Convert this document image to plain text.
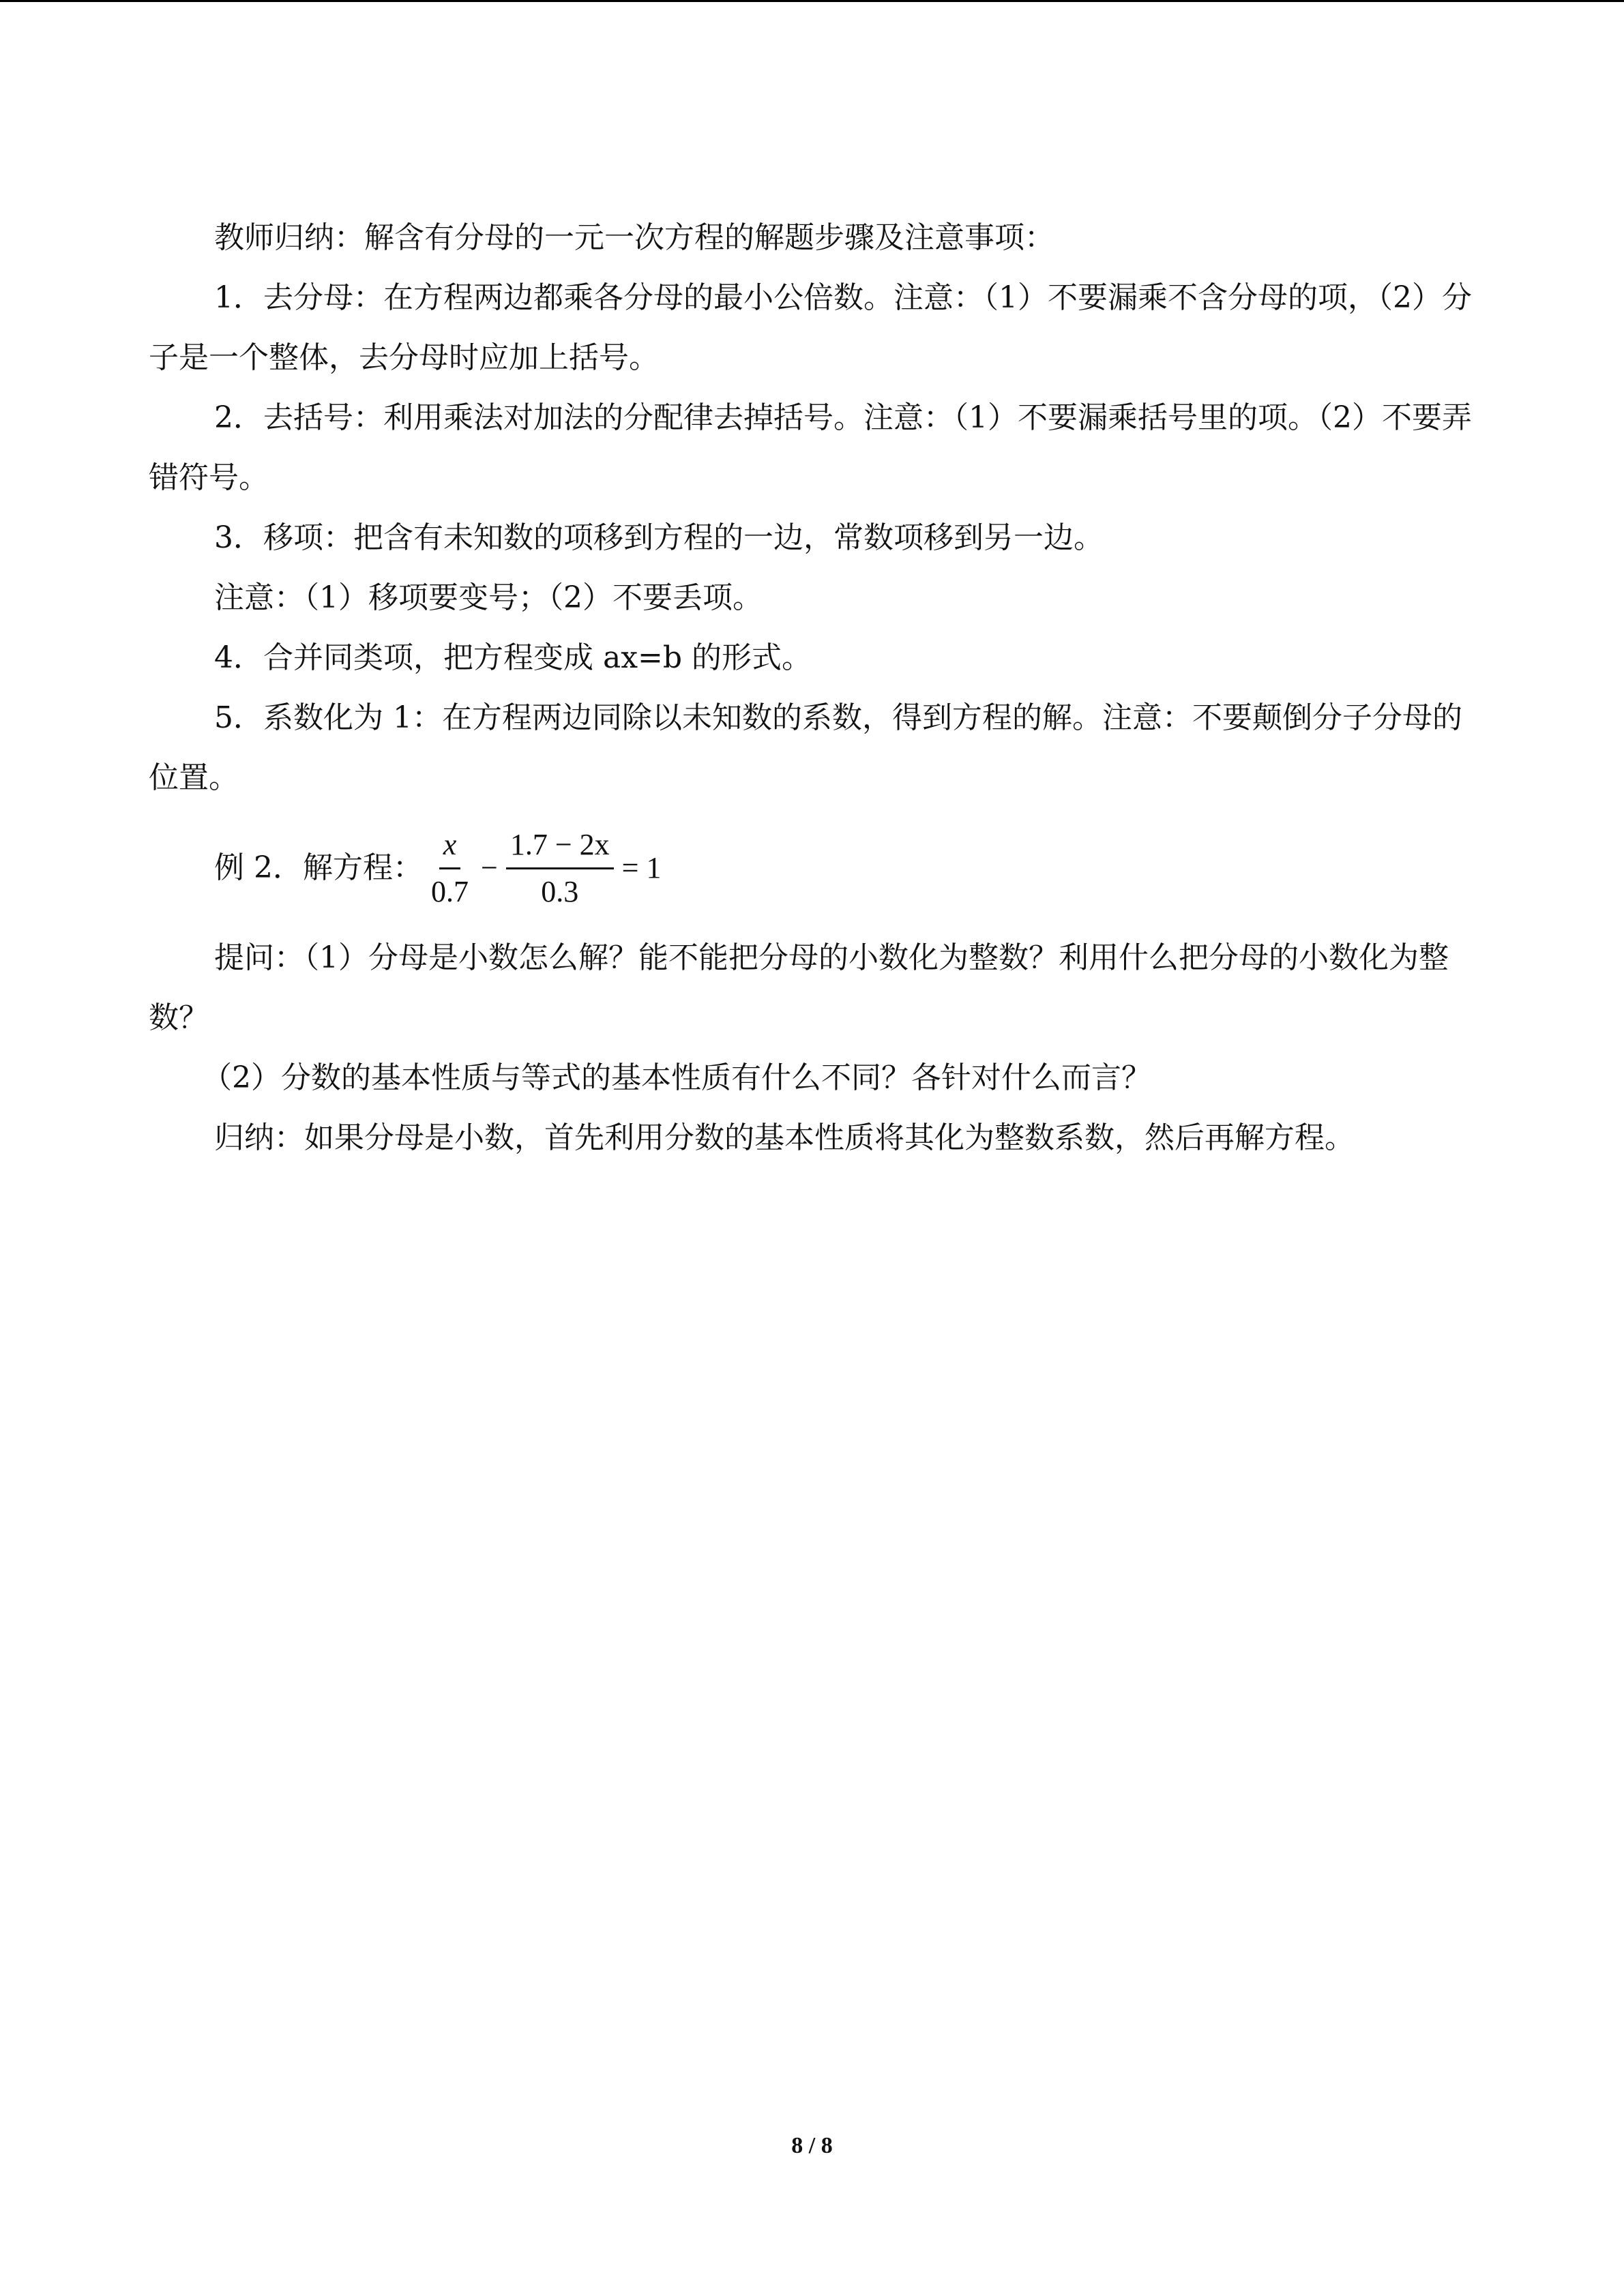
教师归纳：解含有分母的一元一次方程的解题步骤及注意事项：

1．去分母：在方程两边都乘各分母的最小公倍数。注意：（1）不要漏乘不含分母的项，（2）分子是一个整体，去分母时应加上括号。

2．去括号：利用乘法对加法的分配律去掉括号。注意：（1）不要漏乘括号里的项。（2）不要弄错符号。

3．移项：把含有未知数的项移到方程的一边，常数项移到另一边。

注意：（1）移项要变号；（2）不要丢项。

4．合并同类项，把方程变成 ax=b 的形式。

5．系数化为 1：在方程两边同除以未知数的系数，得到方程的解。注意：不要颠倒分子分母的位置。

例 2．解方程： $\frac{x}{0.7} - \frac{1.7 - 2x}{0.3} = 1$

提问：（1）分母是小数怎么解？能不能把分母的小数化为整数？利用什么把分母的小数化为整数？

（2）分数的基本性质与等式的基本性质有什么不同？各针对什么而言？

归纳：如果分母是小数，首先利用分数的基本性质将其化为整数系数，然后再解方程。

8 / 8
